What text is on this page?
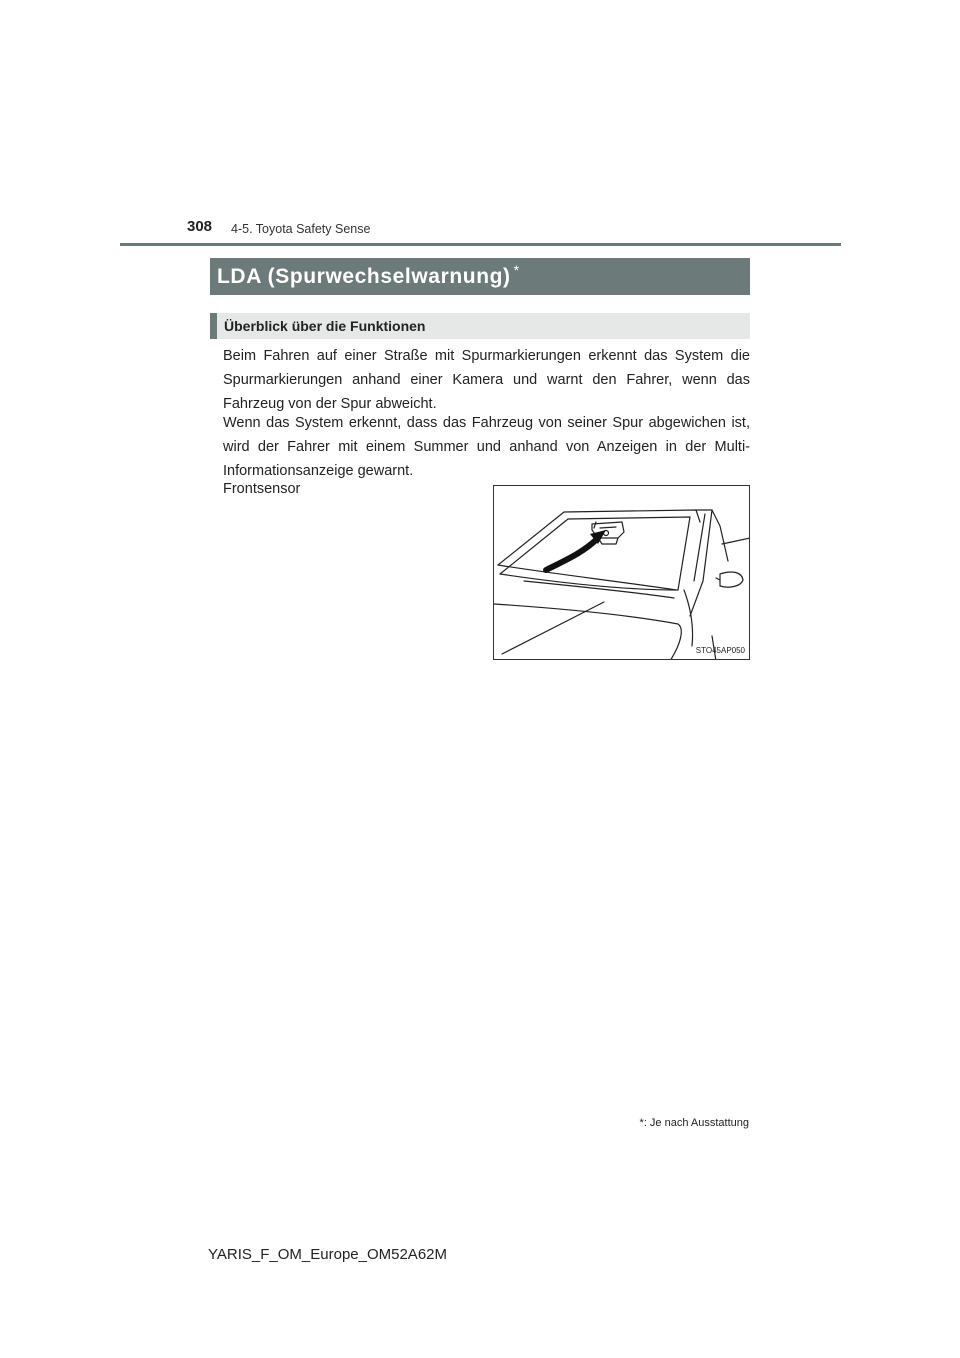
308 4-5. Toyota Safety Sense
LDA (Spurwechselwarnung) *
Überblick über die Funktionen

Beim Fahren auf einer Straße mit Spurmarkierungen erkennt das System die Spurmarkierungen anhand einer Kamera und warnt den Fahrer, wenn das Fahrzeug von der Spur abweicht.

Wenn das System erkennt, dass das Fahrzeug von seiner Spur abgewichen ist, wird der Fahrer mit einem Summer und anhand von Anzeigen in der Multi-Informationsanzeige gewarnt.

Frontsensor
STO45AP050
*: Je nach Ausstattung
YARIS_F_OM_Europe_OM52A62M
